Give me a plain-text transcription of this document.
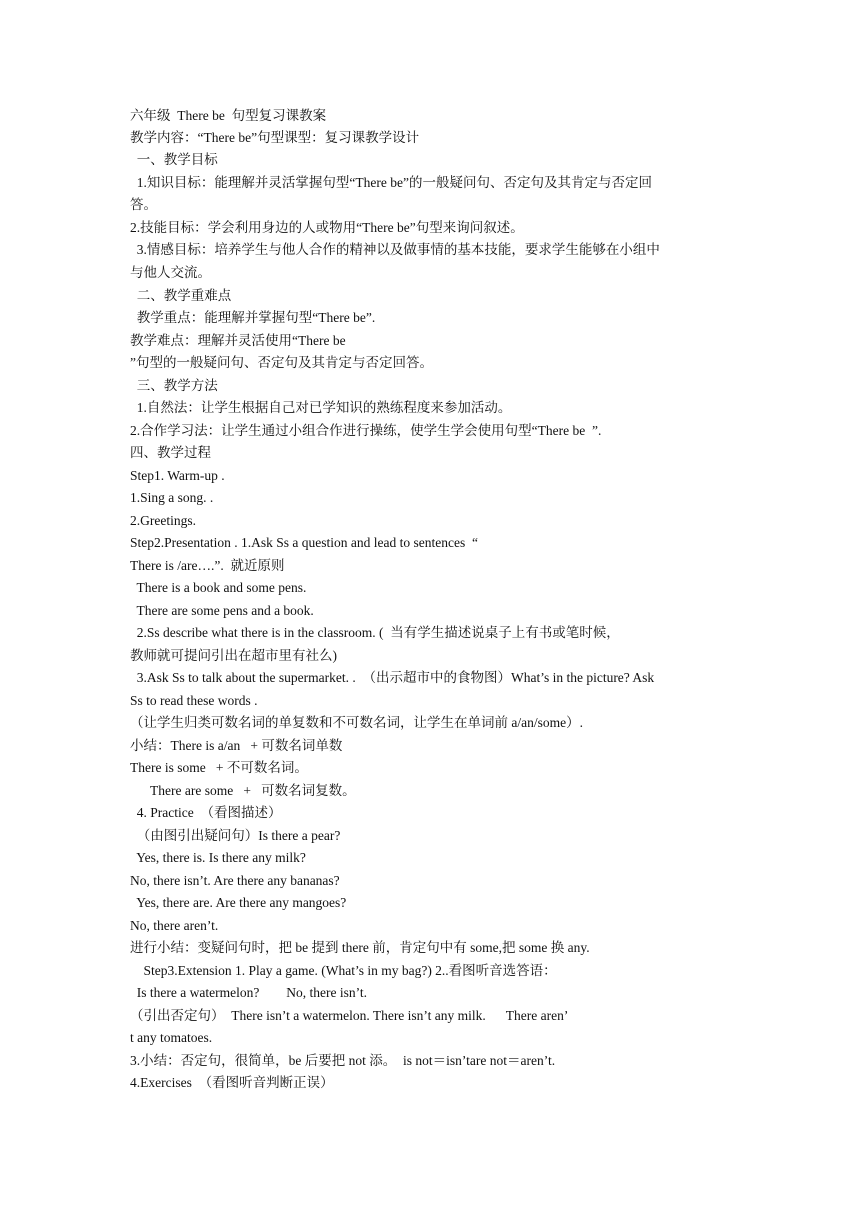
六年级  There be  句型复习课教案
教学内容：“There be”句型课型：复习课教学设计
一、教学目标
1.知识目标：能理解并灵活掌握句型“There be”的一般疑问句、否定句及其肯定与否定回
答。
2.技能目标：学会利用身边的人或物用“There be”句型来询问叙述。
3.情感目标：培养学生与他人合作的精神以及做事情的基本技能，要求学生能够在小组中
与他人交流。
二、教学重难点
教学重点：能理解并掌握句型“There be”.
教学难点：理解并灵活使用“There be
”句型的一般疑问句、否定句及其肯定与否定回答。
三、教学方法
1.自然法：让学生根据自己对已学知识的熟练程度来参加活动。
2.合作学习法：让学生通过小组合作进行操练，使学生学会使用句型“There be  ”.
四、教学过程
Step1. Warm-up .
1.Sing a song. .
2.Greetings.
Step2.Presentation . 1.Ask Ss a question and lead to sentences  “
There is /are….”.  就近原则
There is a book and some pens.
There are some pens and a book.
2.Ss describe what there is in the classroom. (  当有学生描述说桌子上有书或笔时候，
教师就可提问引出在超市里有社么)
3.Ask Ss to talk about the supermarket. .  （出示超市中的食物图）What’s in the picture? Ask
Ss to read these words .
（让学生归类可数名词的单复数和不可数名词，让学生在单词前 a/an/some）.
小结：There is a/an   + 可数名词单数
There is some   + 不可数名词。
There are some   +   可数名词复数。
4. Practice  （看图描述）
（由图引出疑问句）Is there a pear?
Yes, there is. Is there any milk?
No, there isn’t. Are there any bananas?
Yes, there are. Are there any mangoes?
No, there aren’t.
进行小结：变疑问句时，把 be 提到 there 前，肯定句中有 some,把 some 换 any.
Step3.Extension 1. Play a game. (What’s in my bag?) 2..看图听音选答语：
Is there a watermelon?        No, there isn’t.
（引出否定句）  There isn’t a watermelon. There isn’t any milk.      There aren’
t any tomatoes.
3.小结：否定句，很简单，be 后要把 not 添。  is not＝isn’tare not＝aren’t.
4.Exercises  （看图听音判断正误）
